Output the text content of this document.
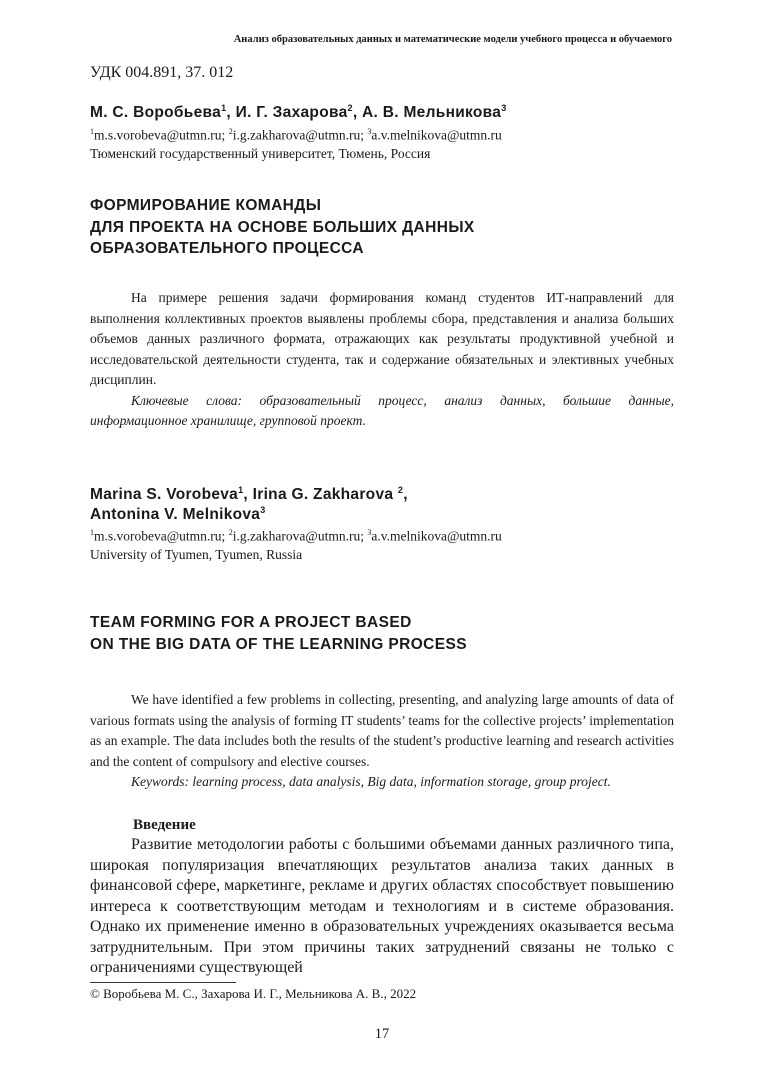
Анализ образовательных данных и математические модели учебного процесса и обучаемого
УДК 004.891, 37. 012
М. С. Воробьева$^1$, И. Г. Захарова$^2$, А. В. Мельникова$^3$
$^1$m.s.vorobeva@utmn.ru; $^2$i.g.zakharova@utmn.ru; $^3$a.v.melnikova@utmn.ru
Тюменский государственный университет, Тюмень, Россия
ФОРМИРОВАНИЕ КОМАНДЫ
ДЛЯ ПРОЕКТА НА ОСНОВЕ БОЛЬШИХ ДАННЫХ
ОБРАЗОВАТЕЛЬНОГО ПРОЦЕССА

На примере решения задачи формирования команд студентов ИТ-направлений для выполнения коллективных проектов выявлены проблемы сбора, представления и анализа больших объемов данных различного формата, отражающих как результаты продуктивной учебной и исследовательской деятельности студента, так и содержание обязательных и элективных учебных дисциплин.

Ключевые слова: образовательный процесс, анализ данных, большие данные, информационное хранилище, групповой проект.

Marina S. Vorobeva$^1$, Irina G. Zakharova $^2$,
Antonina V. Melnikova$^3$
$^1$m.s.vorobeva@utmn.ru; $^2$i.g.zakharova@utmn.ru; $^3$a.v.melnikova@utmn.ru
University of Tyumen, Tyumen, Russia
TEAM FORMING FOR A PROJECT BASED
ON THE BIG DATA OF THE LEARNING PROCESS

We have identified a few problems in collecting, presenting, and analyzing large amounts of data of various formats using the analysis of forming IT students’ teams for the collective projects’ implementation as an example. The data includes both the results of the student’s productive learning and research activities and the content of compulsory and elective courses.

Keywords: learning process, data analysis, Big data, information storage, group project.

Введение

Развитие методологии работы с большими объемами данных различного типа, широкая популяризация впечатляющих результатов анализа таких данных в финансовой сфере, маркетинге, рекламе и других областях способствует повышению интереса к соответствующим методам и технологиям и в системе образования. Однако их применение именно в образовательных учреждениях оказывается весьма затруднительным. При этом причины таких затруднений связаны не только с ограничениями существующей

© Воробьева М. С., Захарова И. Г., Мельникова А. В., 2022
17
